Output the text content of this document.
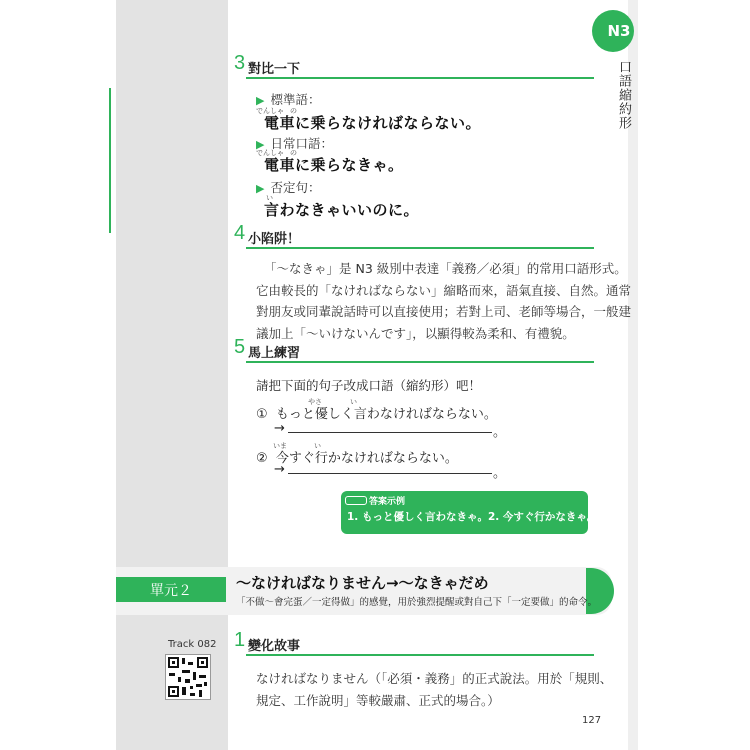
N3
口語縮約形
3 對比一下
▶ 標準語：
でんしゃ の
電車に乗らなければならない。
▶ 日常口語：
でんしゃ の
電車に乗らなきゃ。
▶ 否定句：
い
言わなきゃいいのに。
4 小陷阱！

「～なきゃ」是 N3 級別中表達「義務／必須」的常用口語形式。

它由較長的「なければならない」縮略而來，語氣直接、自然。通常

對朋友或同輩說話時可以直接使用；若對上司、老師等場合，一般建

議加上「～いけないんです」，以顯得較為柔和、有禮貌。

5 馬上練習
請把下面的句子改成口語（縮約形）吧！
やさ	い
① もっと優しく言わなければならない。
→	。
いま	い
② 今すぐ行かなければならない。
→	。
答案示例
1. もっと優しく言わなきゃ。2. 今すぐ行かなきゃ。
單元２	～なければなりません→～なきゃだめ
「不做～會完蛋／一定得做」的感覺，用於強烈提醒或對自己下「一定要做」的命令。
Track 082 1 變化故事

なければなりません（「必須・義務」的正式說法。用於「規則、

規定、工作說明」等較嚴肅、正式的場合。）

127
